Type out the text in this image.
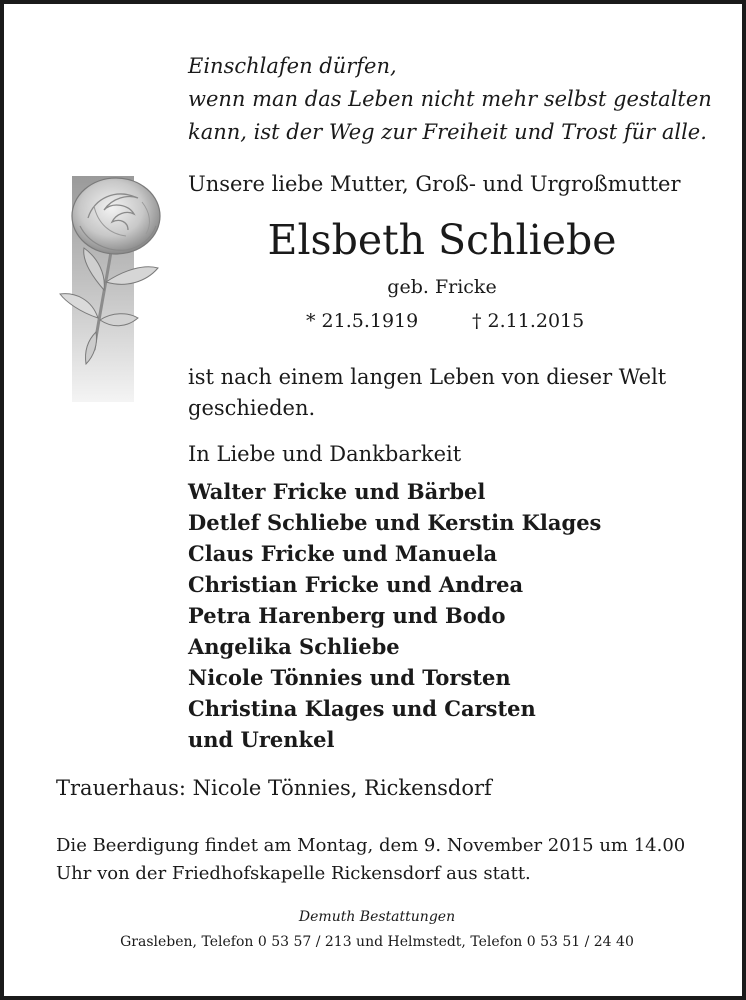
Einschlafen dürfen,
wenn man das Leben nicht mehr selbst gestalten
kann, ist der Weg zur Freiheit und Trost für alle.
Unsere liebe Mutter, Groß- und Urgroßmutter
Elsbeth Schliebe
geb. Fricke
* 21.5.1919	† 2.11.2015
ist nach einem langen Leben von dieser Welt
geschieden.
In Liebe und Dankbarkeit
Walter Fricke und Bärbel
Detlef Schliebe und Kerstin Klages
Claus Fricke und Manuela
Christian Fricke und Andrea
Petra Harenberg und Bodo
Angelika Schliebe
Nicole Tönnies und Torsten
Christina Klages und Carsten
und Urenkel
Trauerhaus: Nicole Tönnies, Rickensdorf
Die Beerdigung findet am Montag, dem 9. November 2015 um 14.00
Uhr von der Friedhofskapelle Rickensdorf aus statt.
Demuth Bestattungen
Grasleben, Telefon 0 53 57 / 213 und Helmstedt, Telefon 0 53 51 / 24 40
